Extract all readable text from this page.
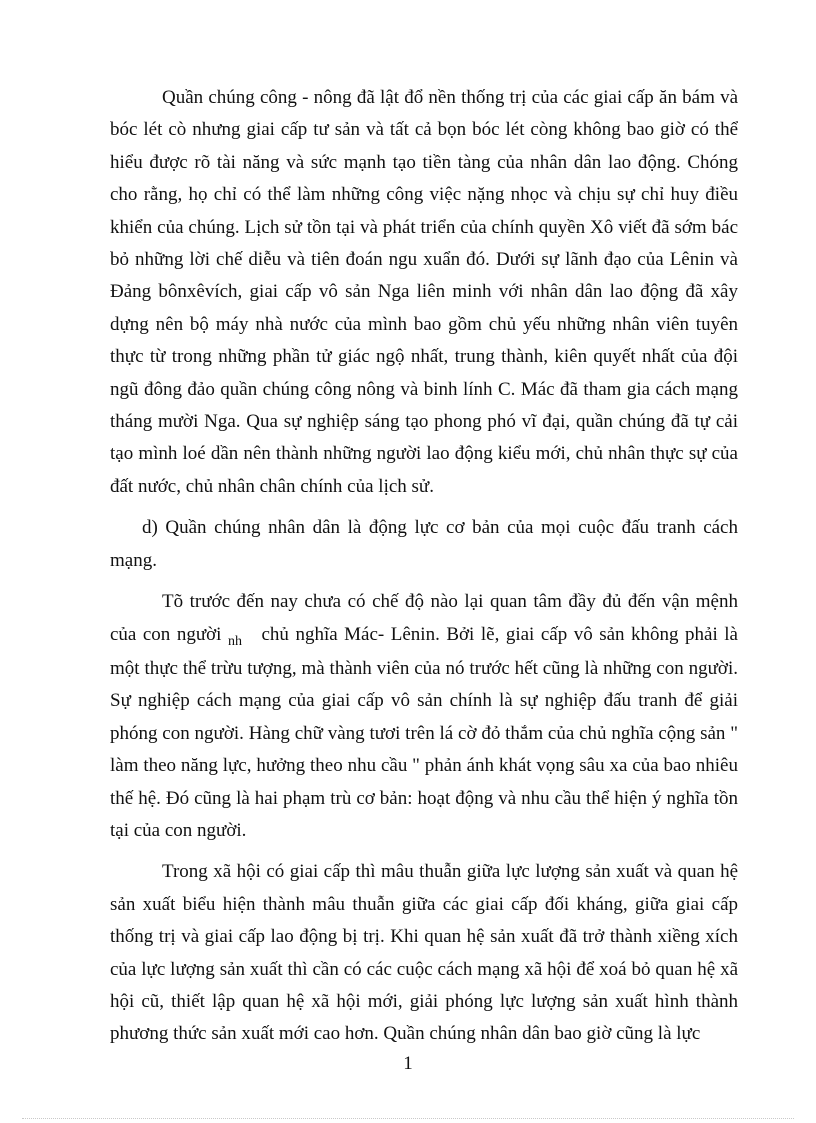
Quần chúng công - nông đã lật đổ nền thống trị của các giai cấp ăn bám và bóc lét cò nhưng giai cấp tư sản và tất cả bọn bóc lét còng không bao giờ có thể hiểu được rõ tài năng và sức mạnh tạo tiền tàng của nhân dân lao động. Chóng cho rằng, họ chỉ có thể làm những công việc nặng nhọc và chịu sự chỉ huy điều khiển của chúng. Lịch sử tồn tại và phát triển của chính quyền Xô viết đã sớm bác bỏ những lời chế diễu và tiên đoán ngu xuẩn đó. Dưới sự lãnh đạo của Lênin và Đảng bônxêvích, giai cấp vô sản Nga liên minh với nhân dân lao động đã xây dựng nên bộ máy nhà nước của mình bao gồm chủ yếu những nhân viên tuyên thực từ trong những phần tử giác ngộ nhất, trung thành, kiên quyết nhất của đội ngũ đông đảo quần chúng công nông và binh lính C. Mác đã tham gia cách mạng tháng mười Nga. Qua sự nghiệp sáng tạo phong phó vĩ đại, quần chúng đã tự cải tạo mình loé dần nên thành những người lao động kiểu mới, chủ nhân thực sự của đất nước, chủ nhân chân chính của lịch sử.

d) Quần chúng nhân dân là động lực cơ bản của mọi cuộc đấu tranh cách mạng.

Tõ trước đến nay chưa có chế độ nào lại quan tâm đầy đủ đến vận mệnh của con người $_{nh}$ chủ nghĩa Mác- Lênin. Bởi lẽ, giai cấp vô sản không phải là một thực thể trừu tượng, mà thành viên của nó trước hết cũng là những con người. Sự nghiệp cách mạng của giai cấp vô sản chính là sự nghiệp đấu tranh để giải phóng con người. Hàng chữ vàng tươi trên lá cờ đỏ thắm của chủ nghĩa cộng sản " làm theo năng lực, hưởng theo nhu cầu " phản ánh khát vọng sâu xa của bao nhiêu thế hệ. Đó cũng là hai phạm trù cơ bản: hoạt động và nhu cầu thể hiện ý nghĩa tồn tại của con người.

Trong xã hội có giai cấp thì mâu thuẫn giữa lực lượng sản xuất và quan hệ sản xuất biểu hiện thành mâu thuẫn giữa các giai cấp đối kháng, giữa giai cấp thống trị và giai cấp lao động bị trị. Khi quan hệ sản xuất đã trở thành xiềng xích của lực lượng sản xuất thì cần có các cuộc cách mạng xã hội để xoá bỏ quan hệ xã hội cũ, thiết lập quan hệ xã hội mới, giải phóng lực lượng sản xuất hình thành phương thức sản xuất mới cao hơn. Quần chúng nhân dân bao giờ cũng là lực

1
